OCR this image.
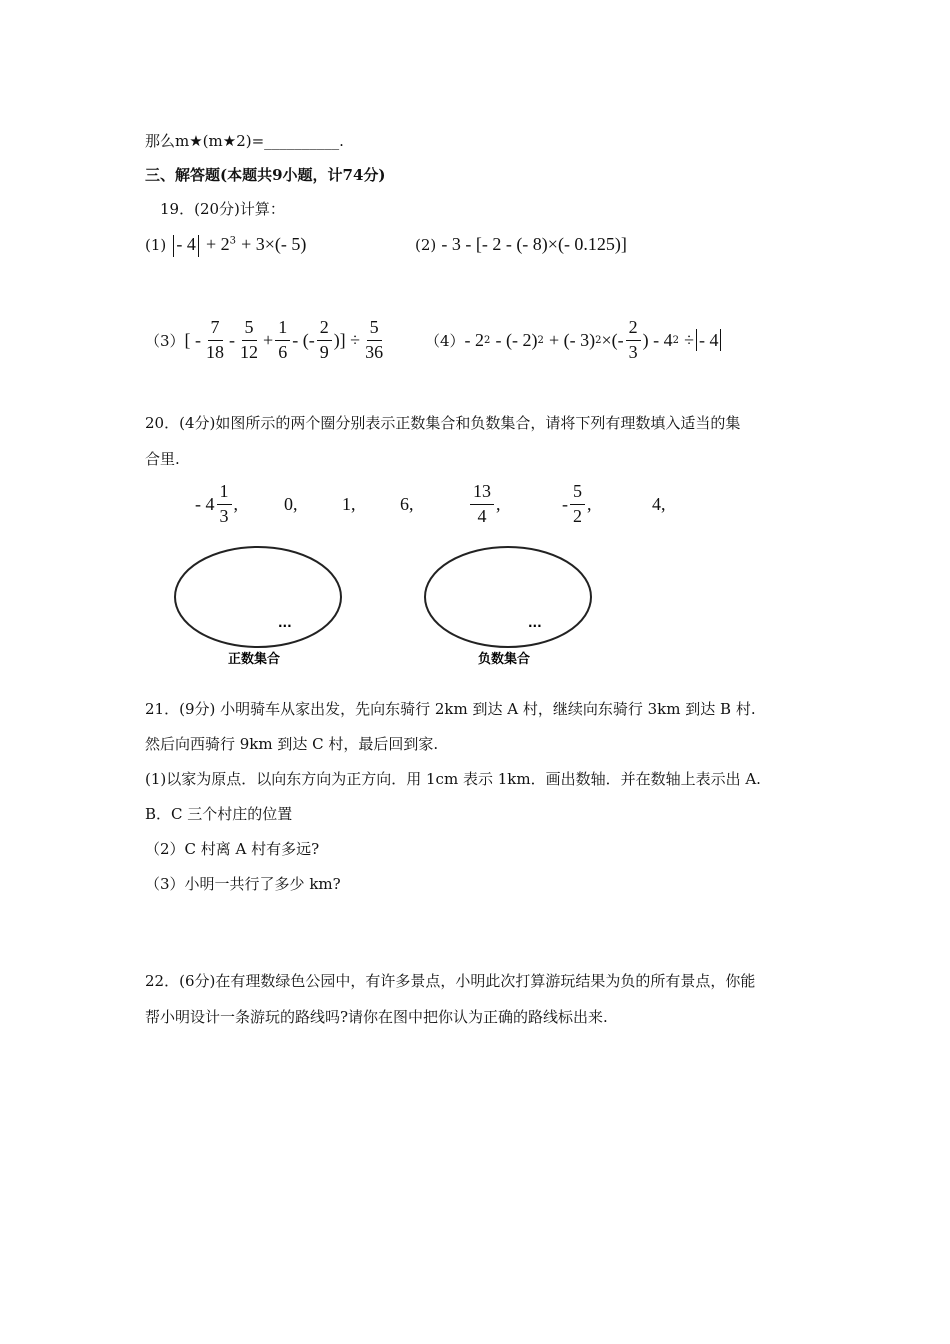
那么m★(m★2)=__________.
三、解答题(本题共9小题，计74分)
19．(20分)计算：
$(1) - 4 + 2^3 + 3\times(-$ 5)	(2) - 3 - [- 2 - (- 8)×(- 0.125)]
（3） [ - $\frac{7}{18} - \frac{5}{12} + \frac{1}{6}$ - (- $\frac{2}{9}$ )] ÷ $\frac{5}{36}$	（4） - 2 2
- (- 2) 2
+ (- 3) 2 ×(- $\frac{2}{3}$ ) - 4 2
÷ - 4
20．(4分)如图所示的两个圈分别表示正数集合和负数集合，请将下列有理数填入适当的集
合里.
- $4 \frac{1}{3}$ ,	0, 1, 6,	$\frac{13}{4}$ ,	- $\frac{5}{2}$ ,	4,
...	...
正数集合	负数集合
21．(9分) 小明骑车从家出发，先向东骑行 2km 到达 A 村，继续向东骑行 3km 到达 B 村.
然后向西骑行 9km 到达 C 村，最后回到家.
(1)以家为原点．以向东方向为正方向．用 1cm 表示 1km．画出数轴．并在数轴上表示出 A.
B．C 三个村庄的位置
（2）C 村离 A 村有多远?
（3）小明一共行了多少 km?
22．(6分)在有理数绿色公园中，有许多景点，小明此次打算游玩结果为负的所有景点，你能
帮小明设计一条游玩的路线吗?请你在图中把你认为正确的路线标出来.
